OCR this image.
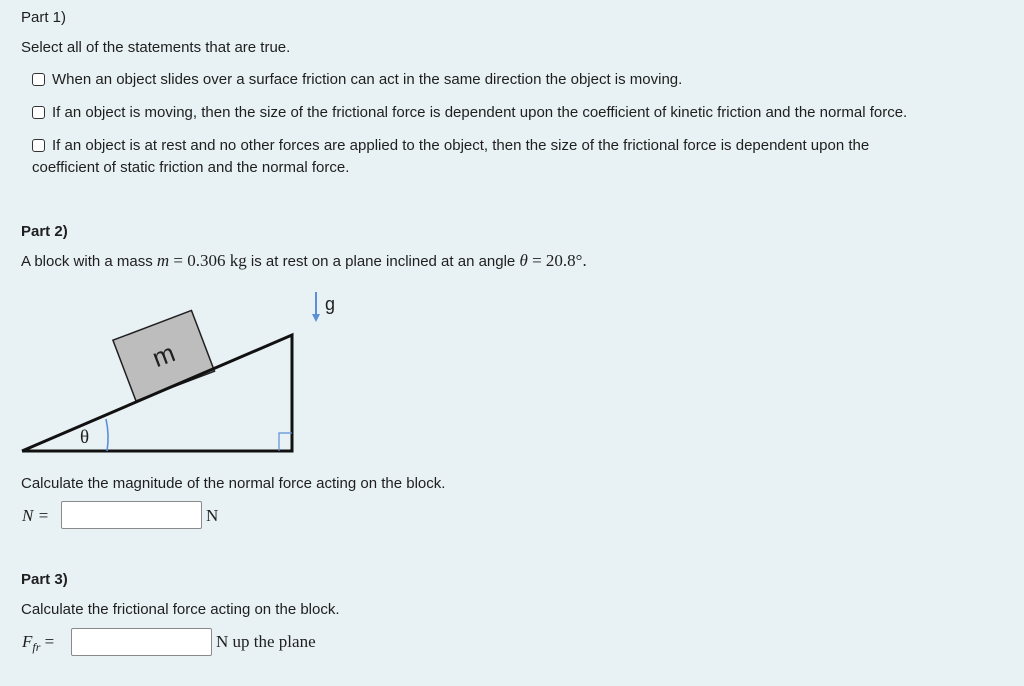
Part 1)
Select all of the statements that are true.
When an object slides over a surface friction can act in the same direction the object is moving.
If an object is moving, then the size of the frictional force is dependent upon the coefficient of kinetic friction and the normal force.
If an object is at rest and no other forces are applied to the object, then the size of the frictional force is dependent upon the
coefficient of static friction and the normal force.
Part 2)
A block with a mass m = 0.306 kg is at rest on a plane inclined at an angle θ = 20.8°.
g
m
θ
Calculate the magnitude of the normal force acting on the block.
N =	N
Part 3)
Calculate the frictional force acting on the block.
$F_{fr}$ =	N up the plane
